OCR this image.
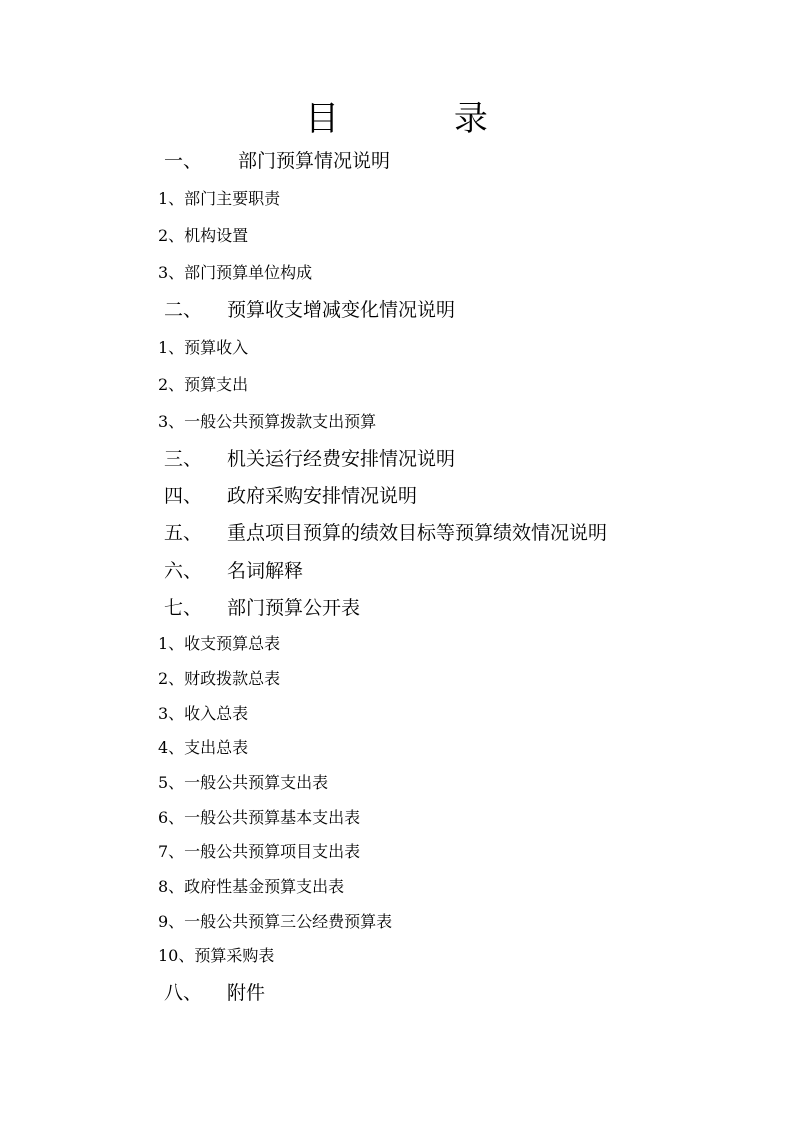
目 录
一、 部门预算情况说明
1、部门主要职责
2、机构设置
3、部门预算单位构成
二、 预算收支增减变化情况说明
1、预算收入
2、预算支出
3、一般公共预算拨款支出预算
三、 机关运行经费安排情况说明
四、 政府采购安排情况说明
五、 重点项目预算的绩效目标等预算绩效情况说明
六、 名词解释
七、 部门预算公开表
1、收支预算总表
2、财政拨款总表
3、收入总表
4、支出总表
5、一般公共预算支出表
6、一般公共预算基本支出表
7、一般公共预算项目支出表
8、政府性基金预算支出表
9、一般公共预算三公经费预算表
10、预算采购表
八、 附件
